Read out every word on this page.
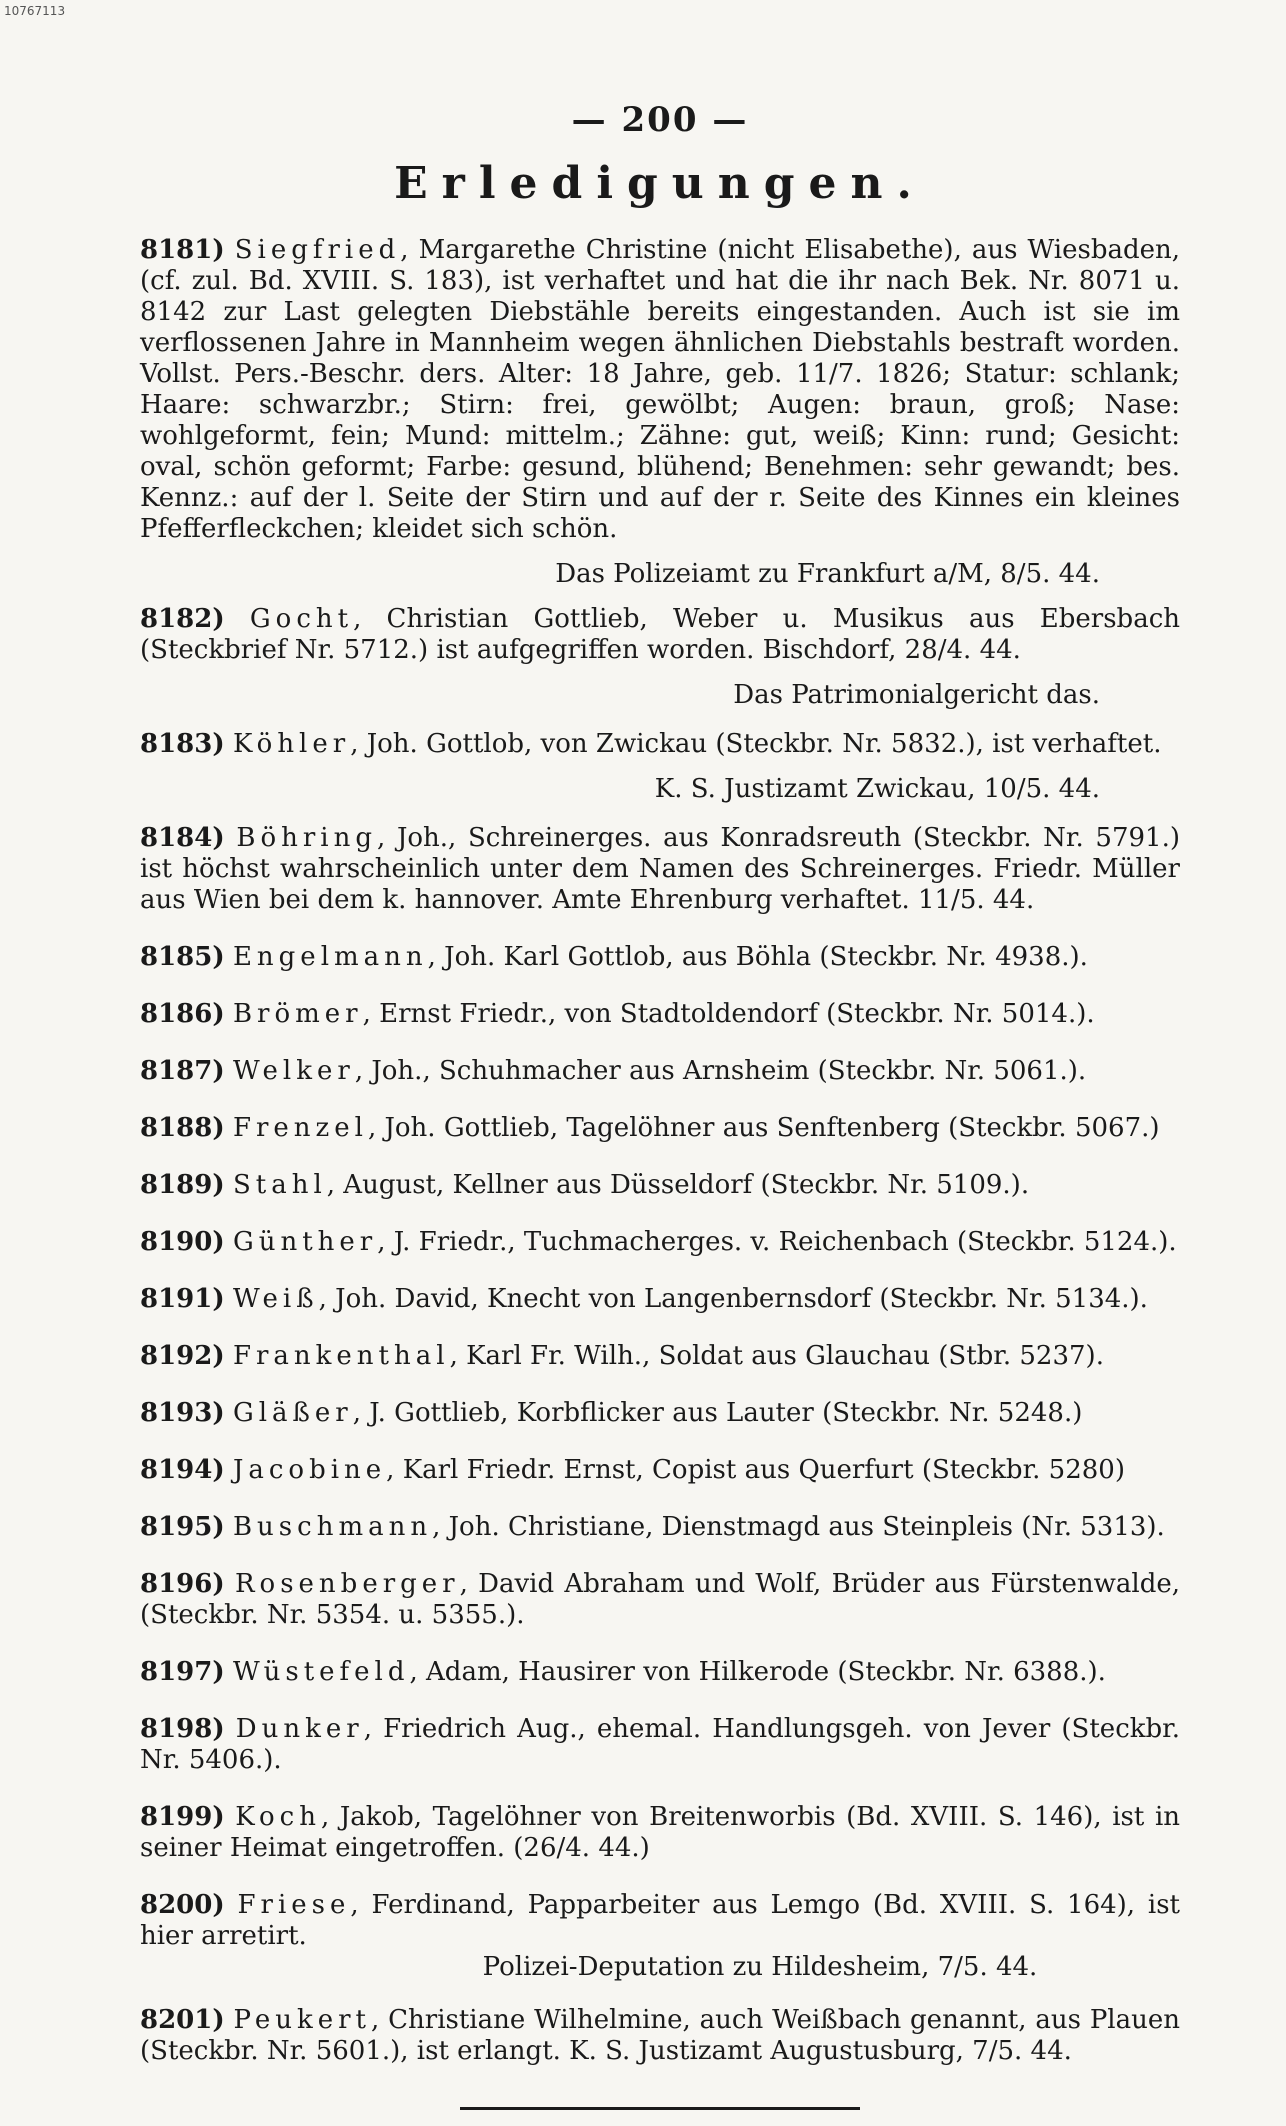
10767113
— 200 —
Erledigungen.
8181) Siegfried, Margarethe Christine (nicht Elisabethe), aus Wiesbaden, (cf. zul. Bd. XVIII. S. 183), ist verhaftet und hat die ihr nach Bek. Nr. 8071 u. 8142 zur Last gelegten Diebstähle bereits eingestanden. Auch ist sie im verflossenen Jahre in Mannheim wegen ähnlichen Diebstahls bestraft worden. Vollst. Pers.-Beschr. ders. Alter: 18 Jahre, geb. 11/7. 1826; Statur: schlank; Haare: schwarzbr.; Stirn: frei, gewölbt; Augen: braun, groß; Nase: wohlgeformt, fein; Mund: mittelm.; Zähne: gut, weiß; Kinn: rund; Gesicht: oval, schön geformt; Farbe: gesund, blühend; Benehmen: sehr gewandt; bes. Kennz.: auf der l. Seite der Stirn und auf der r. Seite des Kinnes ein kleines Pfefferfleckchen; kleidet sich schön.
Das Polizeiamt zu Frankfurt a/M, 8/5. 44.
8182) Gocht, Christian Gottlieb, Weber u. Musikus aus Ebersbach (Steckbrief Nr. 5712.) ist aufgegriffen worden. Bischdorf, 28/4. 44.
Das Patrimonialgericht das.
8183) Köhler, Joh. Gottlob, von Zwickau (Steckbr. Nr. 5832.), ist verhaftet.
K. S. Justizamt Zwickau, 10/5. 44.
8184) Böhring, Joh., Schreinerges. aus Konradsreuth (Steckbr. Nr. 5791.) ist höchst wahrscheinlich unter dem Namen des Schreinerges. Friedr. Müller aus Wien bei dem k. hannover. Amte Ehrenburg verhaftet. 11/5. 44.
8185) Engelmann, Joh. Karl Gottlob, aus Böhla (Steckbr. Nr. 4938.).
8186) Brömer, Ernst Friedr., von Stadtoldendorf (Steckbr. Nr. 5014.).
8187) Welker, Joh., Schuhmacher aus Arnsheim (Steckbr. Nr. 5061.).
8188) Frenzel, Joh. Gottlieb, Tagelöhner aus Senftenberg (Steckbr. 5067.)
8189) Stahl, August, Kellner aus Düsseldorf (Steckbr. Nr. 5109.).
8190) Günther, J. Friedr., Tuchmacherges. v. Reichenbach (Steckbr. 5124.).
8191) Weiß, Joh. David, Knecht von Langenbernsdorf (Steckbr. Nr. 5134.).
8192) Frankenthal, Karl Fr. Wilh., Soldat aus Glauchau (Stbr. 5237).
8193) Gläßer, J. Gottlieb, Korbflicker aus Lauter (Steckbr. Nr. 5248.)
8194) Jacobine, Karl Friedr. Ernst, Copist aus Querfurt (Steckbr. 5280)
8195) Buschmann, Joh. Christiane, Dienstmagd aus Steinpleis (Nr. 5313).
8196) Rosenberger, David Abraham und Wolf, Brüder aus Fürstenwalde, (Steckbr. Nr. 5354. u. 5355.).
8197) Wüstefeld, Adam, Hausirer von Hilkerode (Steckbr. Nr. 6388.).
8198) Dunker, Friedrich Aug., ehemal. Handlungsgeh. von Jever (Steckbr. Nr. 5406.).
8199) Koch, Jakob, Tagelöhner von Breitenworbis (Bd. XVIII. S. 146), ist in seiner Heimat eingetroffen. (26/4. 44.)
8200) Friese, Ferdinand, Papparbeiter aus Lemgo (Bd. XVIII. S. 164), ist hier arretirt.
Polizei-Deputation zu Hildesheim, 7/5. 44.
8201) Peukert, Christiane Wilhelmine, auch Weißbach genannt, aus Plauen (Steckbr. Nr. 5601.), ist erlangt. K. S. Justizamt Augustusburg, 7/5. 44.
